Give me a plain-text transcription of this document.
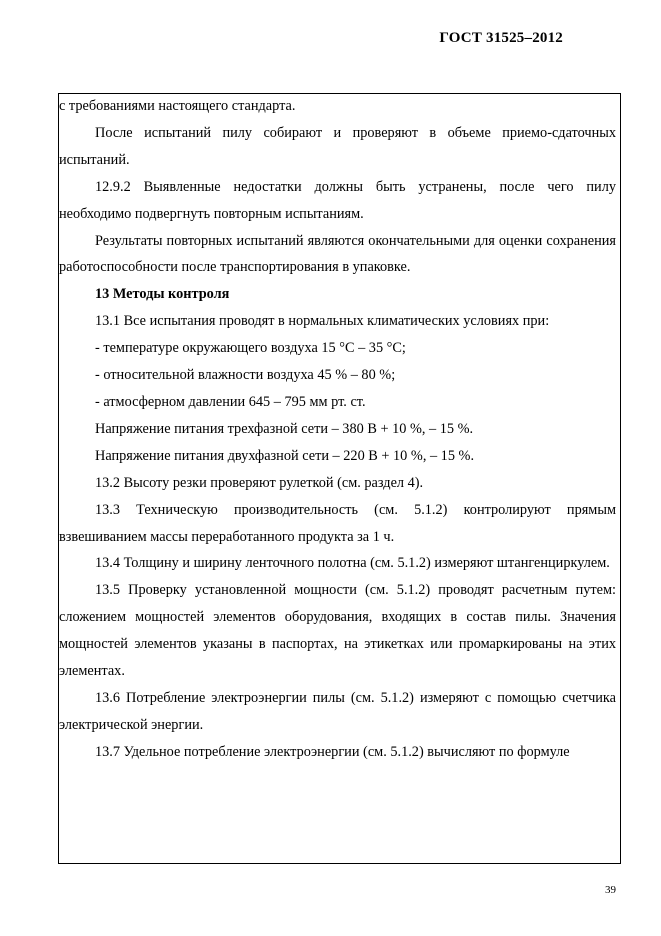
ГОСТ 31525–2012

с требованиями настоящего стандарта.

После испытаний пилу собирают и проверяют в объеме приемо-сдаточных испытаний.

12.9.2 Выявленные недостатки должны быть устранены, после чего пилу необходимо подвергнуть повторным испытаниям.

Результаты повторных испытаний являются окончательными для оценки сохранения работоспособности после транспортирования в упаковке.

13 Методы контроля

13.1 Все испытания проводят в нормальных климатических условиях при:

- температуре окружающего воздуха 15 °С – 35 °С;

- относительной влажности воздуха 45 % – 80 %;

- атмосферном давлении 645 – 795 мм рт. ст.

Напряжение питания трехфазной сети – 380 В + 10 %, – 15 %.

Напряжение питания двухфазной сети – 220 В + 10 %, – 15 %.

13.2 Высоту резки проверяют рулеткой (см. раздел 4).

13.3 Техническую производительность (см. 5.1.2) контролируют прямым взвешиванием массы переработанного продукта за 1 ч.

13.4 Толщину и ширину ленточного полотна (см. 5.1.2) измеряют штангенциркулем.

13.5 Проверку установленной мощности (см. 5.1.2) проводят расчетным путем: сложением мощностей элементов оборудования, входящих в состав пилы. Значения мощностей элементов указаны в паспортах, на этикетках или промаркированы на этих элементах.

13.6 Потребление электроэнергии пилы (см. 5.1.2) измеряют с помощью счетчика электрической энергии.

13.7 Удельное потребление электроэнергии (см. 5.1.2) вычисляют по формуле

39
